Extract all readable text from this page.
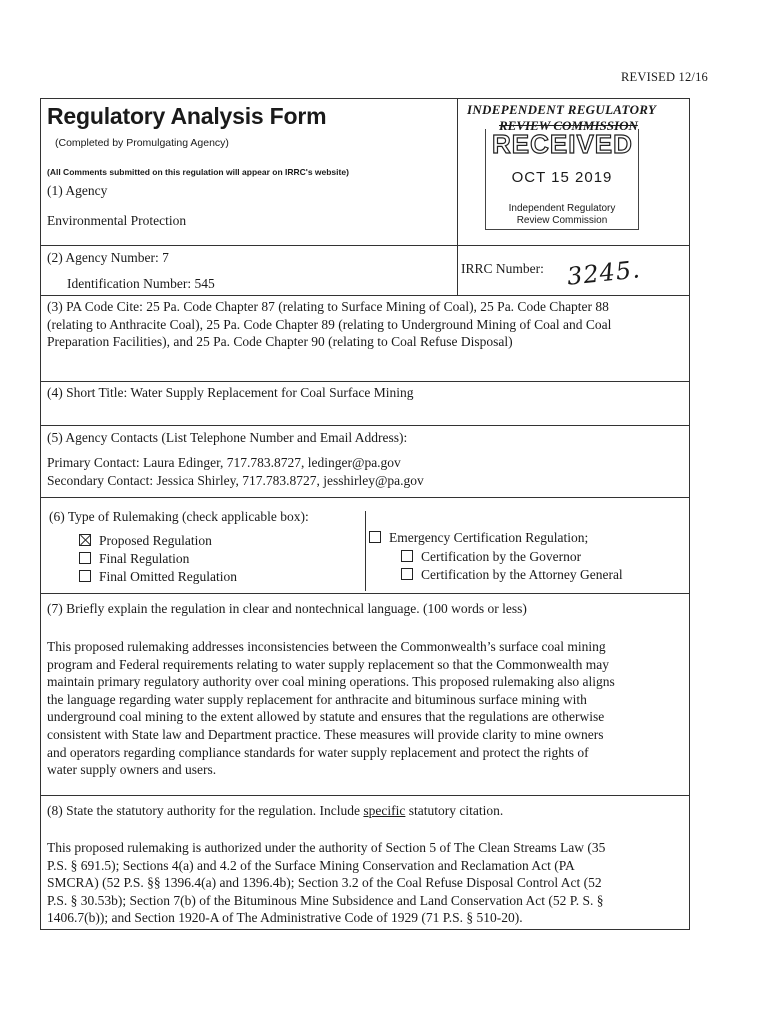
REVISED 12/16
Regulatory Analysis Form
(Completed by Promulgating Agency)
(All Comments submitted on this regulation will appear on IRRC's website)
INDEPENDENT REGULATORY
REVIEW COMMISSION
RECEIVED
OCT 15 2019
Independent Regulatory
Review Commission
IRRC Number: 3245.
(1) Agency
Environmental Protection
(2) Agency Number: 7
Identification Number: 545
(3) PA Code Cite: 25 Pa. Code Chapter 87 (relating to Surface Mining of Coal), 25 Pa. Code Chapter 88
(relating to Anthracite Coal), 25 Pa. Code Chapter 89 (relating to Underground Mining of Coal and Coal
Preparation Facilities), and 25 Pa. Code Chapter 90 (relating to Coal Refuse Disposal)
(4) Short Title: Water Supply Replacement for Coal Surface Mining
(5) Agency Contacts (List Telephone Number and Email Address):
Primary Contact: Laura Edinger, 717.783.8727, ledinger@pa.gov
Secondary Contact: Jessica Shirley, 717.783.8727, jesshirley@pa.gov
(6) Type of Rulemaking (check applicable box):
Proposed Regulation
Final Regulation
Final Omitted Regulation
Emergency Certification Regulation;
Certification by the Governor
Certification by the Attorney General
(7) Briefly explain the regulation in clear and nontechnical language. (100 words or less)
This proposed rulemaking addresses inconsistencies between the Commonwealth’s surface coal mining
program and Federal requirements relating to water supply replacement so that the Commonwealth may
maintain primary regulatory authority over coal mining operations. This proposed rulemaking also aligns
the language regarding water supply replacement for anthracite and bituminous surface mining with
underground coal mining to the extent allowed by statute and ensures that the regulations are otherwise
consistent with State law and Department practice. These measures will provide clarity to mine owners
and operators regarding compliance standards for water supply replacement and protect the rights of
water supply owners and users.
(8) State the statutory authority for the regulation. Include specific statutory citation.
This proposed rulemaking is authorized under the authority of Section 5 of The Clean Streams Law (35
P.S. § 691.5); Sections 4(a) and 4.2 of the Surface Mining Conservation and Reclamation Act (PA
SMCRA) (52 P.S. §§ 1396.4(a) and 1396.4b); Section 3.2 of the Coal Refuse Disposal Control Act (52
P.S. § 30.53b); Section 7(b) of the Bituminous Mine Subsidence and Land Conservation Act (52 P. S. §
1406.7(b)); and Section 1920-A of The Administrative Code of 1929 (71 P.S. § 510-20).
